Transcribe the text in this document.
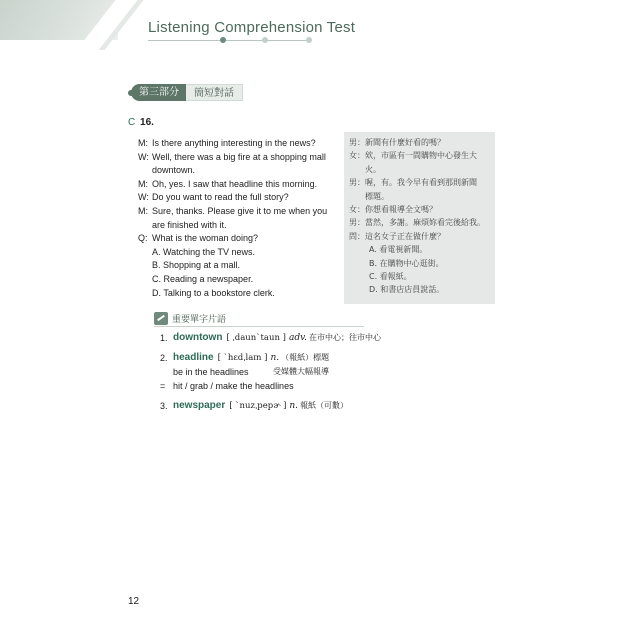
Listening Comprehension Test
第三部分	簡短對話
C 16.
M: Is there anything interesting in the news?
W: Well, there was a big fire at a shopping mall
downtown.
M: Oh, yes. I saw that headline this morning.
W: Do you want to read the full story?
M: Sure, thanks. Please give it to me when you
are finished with it.
Q: What is the woman doing?
A. Watching the TV news.
B. Shopping at a mall.
C. Reading a newspaper.
D. Talking to a bookstore clerk.
男： 新聞有什麼好看的嗎？
女： 欸，市區有一間購物中心發生大
火。
男： 喔，有。我今早有看到那則新聞
標題。
女： 你想看報導全文嗎？
男： 當然，多謝。麻煩妳看完後給我。
問： 這名女子正在做什麼？
A. 看電視新聞。
B. 在購物中心逛街。
C. 看報紙。
D. 和書店店員說話。
重要單字片語
1. downtown [ ˌdaunˋtaun ] adv. 在市中心；往市中心
2. headline [ ˋhɛdˌlaɪn ] n. （報紙）標題
be in the headlines	受媒體大幅報導
= hit / grab / make the headlines
3. newspaper [ ˋnuzˌpepɚ ] n. 報紙（可數）
12
